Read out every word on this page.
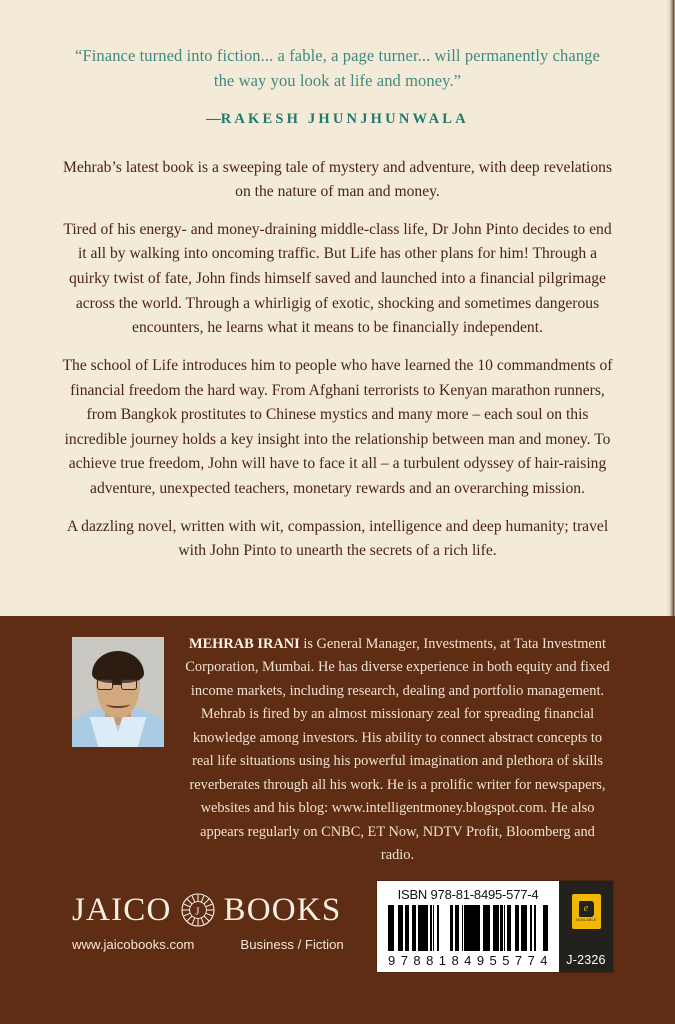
“Finance turned into fiction... a fable, a page turner... will permanently change the way you look at life and money.”
—RAKESH JHUNJHUNWALA

Mehrab’s latest book is a sweeping tale of mystery and adventure, with deep revelations on the nature of man and money.

Tired of his energy- and money-draining middle-class life, Dr John Pinto decides to end it all by walking into oncoming traffic. But Life has other plans for him! Through a quirky twist of fate, John finds himself saved and launched into a financial pilgrimage across the world. Through a whirligig of exotic, shocking and sometimes dangerous encounters, he learns what it means to be financially independent.

The school of Life introduces him to people who have learned the 10 commandments of financial freedom the hard way. From Afghani terrorists to Kenyan marathon runners, from Bangkok prostitutes to Chinese mystics and many more – each soul on this incredible journey holds a key insight into the relationship between man and money. To achieve true freedom, John will have to face it all – a turbulent odyssey of hair-raising adventure, unexpected teachers, monetary rewards and an overarching mission.

A dazzling novel, written with wit, compassion, intelligence and deep humanity; travel with John Pinto to unearth the secrets of a rich life.

MEHRAB IRANI is General Manager, Investments, at Tata Investment Corporation, Mumbai. He has diverse experience in both equity and fixed income markets, including research, dealing and portfolio management. Mehrab is fired by an almost missionary zeal for spreading financial knowledge among investors. His ability to connect abstract concepts to real life situations using his powerful imagination and plethora of skills reverberates through all his work. He is a prolific writer for newspapers, websites and his blog: www.intelligentmoney.blogspot.com. He also appears regularly on CNBC, ET Now, NDTV Profit, Bloomberg and radio.

JAICO J BOOKS
www.jaicobooks.com	Business / Fiction
ISBN 978-81-8495-577-4
9 7 8 8 1 8 4 9 5 5 7 7 4
e
AVAILABLE
J-2326
